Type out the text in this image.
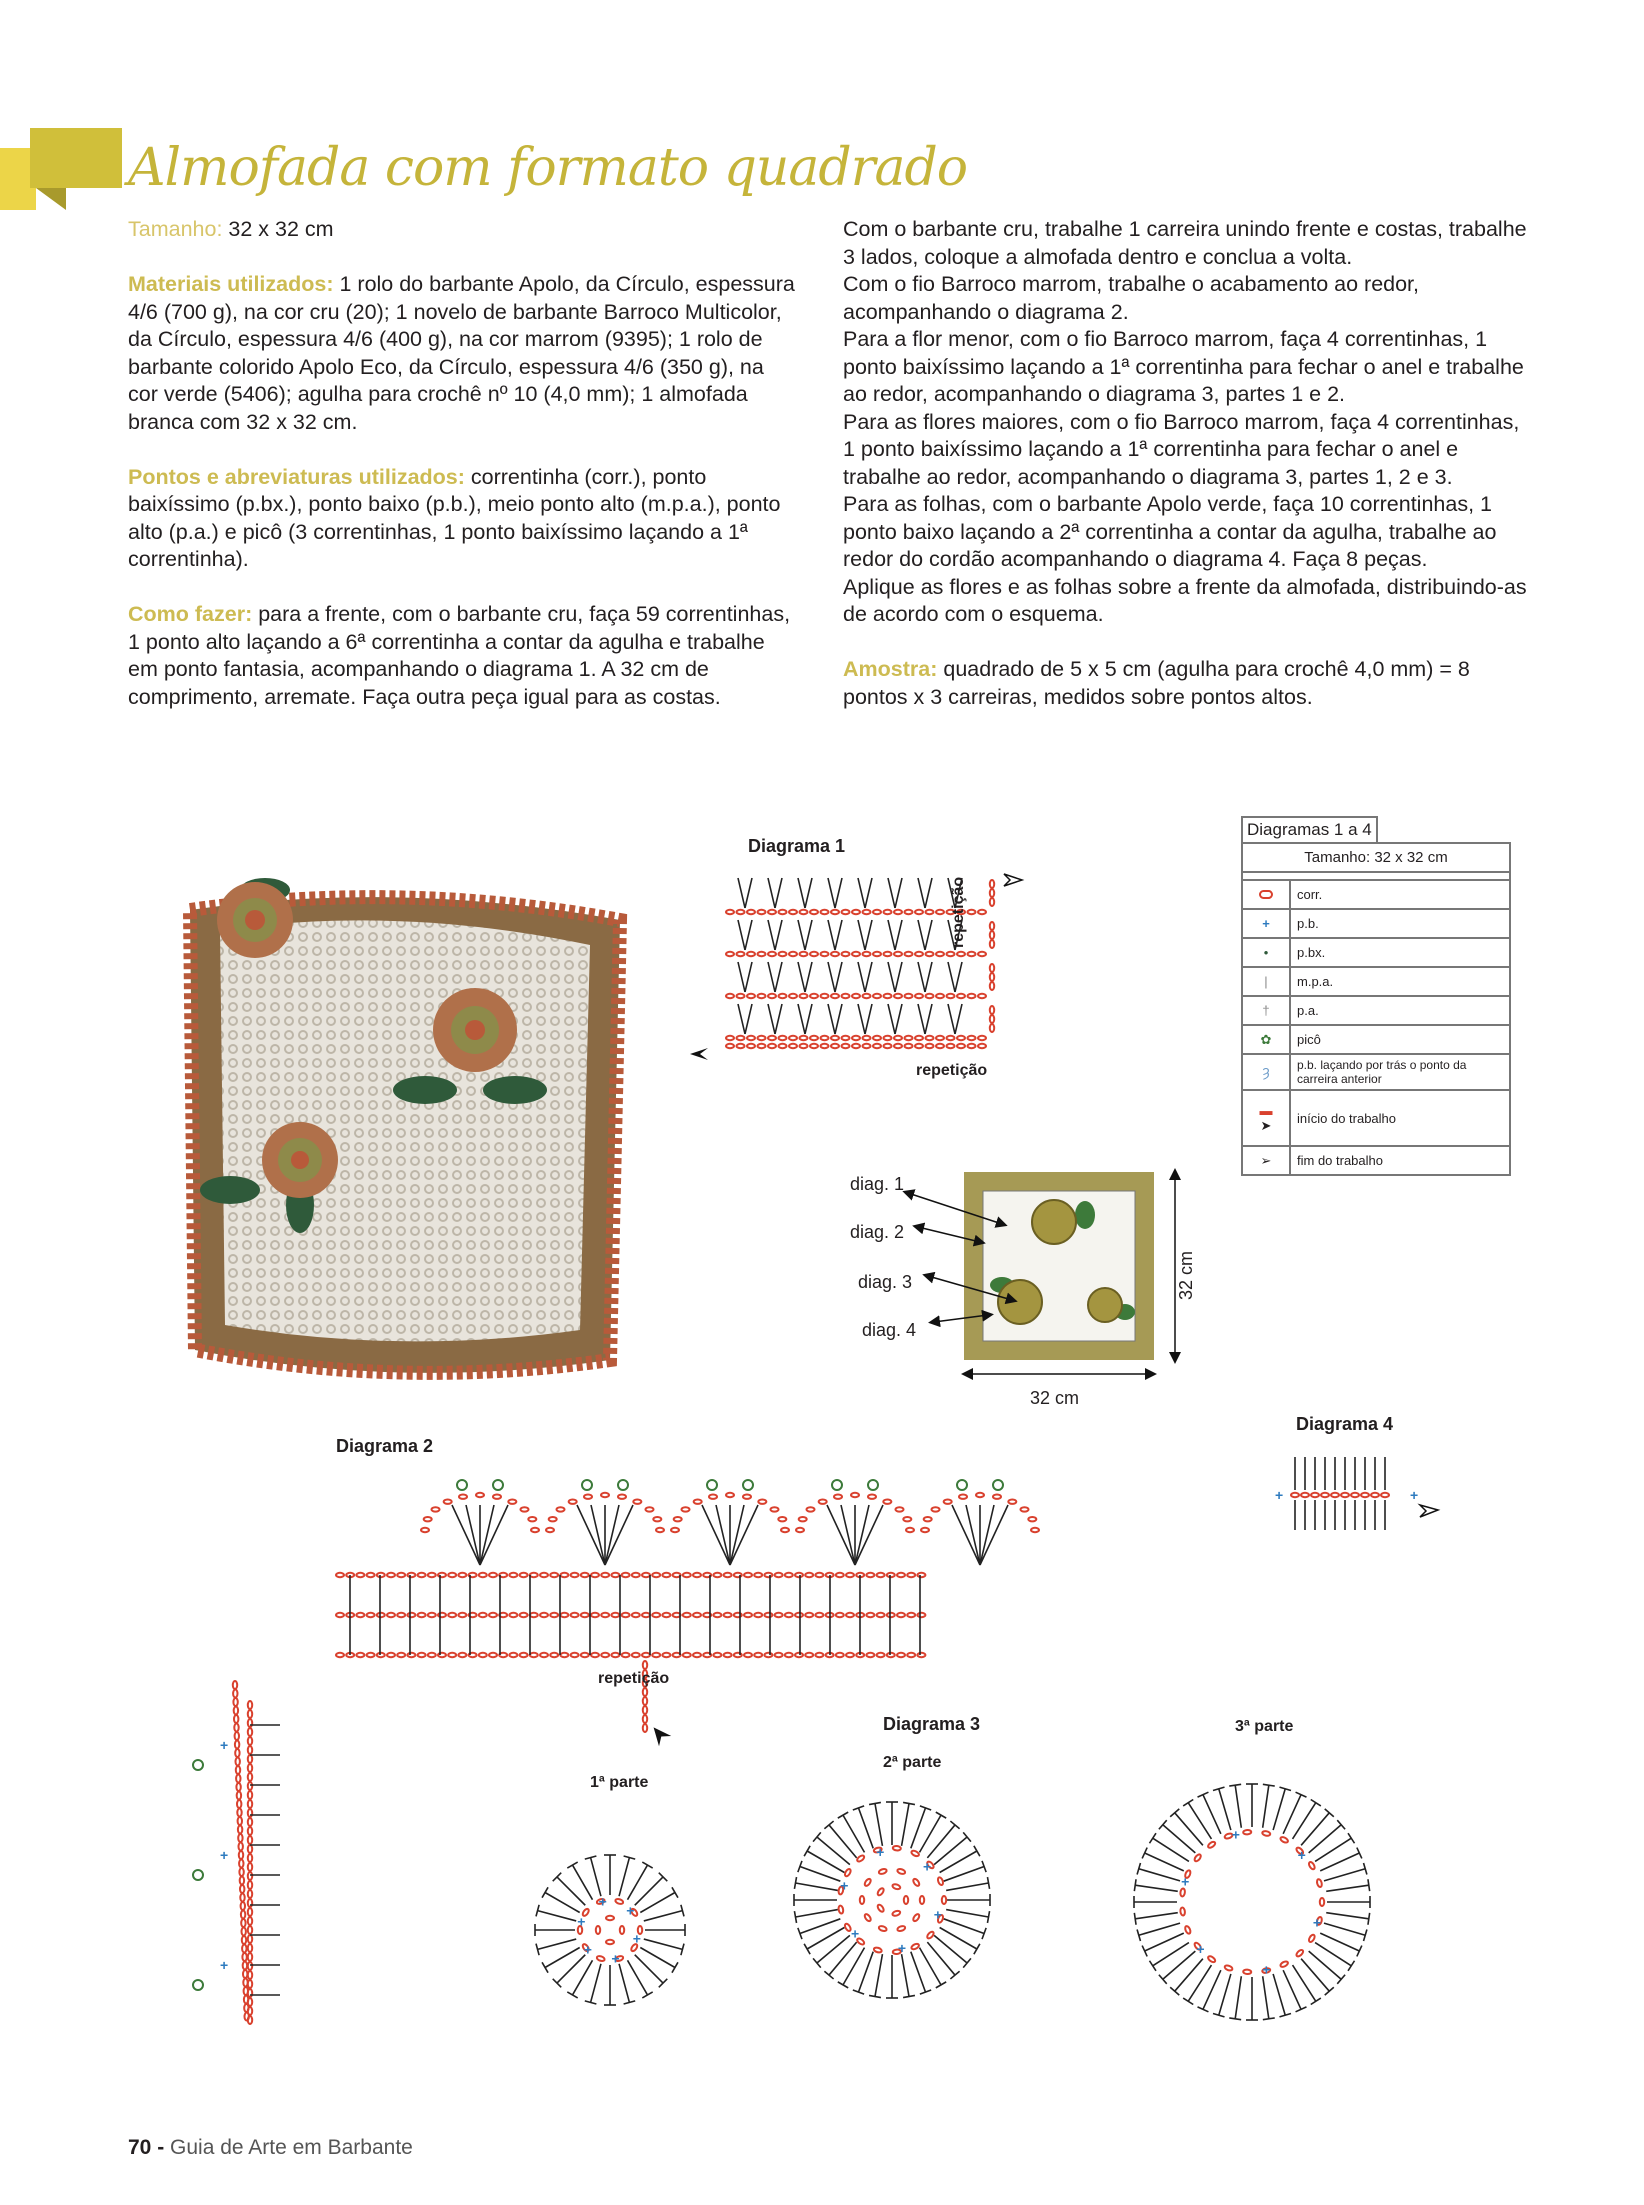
Almofada com formato quadrado

Tamanho: 32 x 32 cm

Materiais utilizados: 1 rolo do barbante Apolo, da Círculo, espessura 4/6 (700 g), na cor cru (20); 1 novelo de barbante Barroco Multicolor, da Círculo, espessura 4/6 (400 g), na cor marrom (9395); 1 rolo de barbante colorido Apolo Eco, da Círculo, espessura 4/6 (350 g), na cor verde (5406); agulha para crochê nº 10 (4,0 mm); 1 almofada branca com 32 x 32 cm.

Pontos e abreviaturas utilizados: correntinha (corr.), ponto baixíssimo (p.bx.), ponto baixo (p.b.), meio ponto alto (m.p.a.), ponto alto (p.a.) e picô (3 correntinhas, 1 ponto baixíssimo laçando a 1ª correntinha).

Como fazer: para a frente, com o barbante cru, faça 59 correntinhas, 1 ponto alto laçando a 6ª correntinha a contar da agulha e trabalhe em ponto fantasia, acompanhando o diagrama 1. A 32 cm de comprimento, arremate. Faça outra peça igual para as costas.

Com o barbante cru, trabalhe 1 carreira unindo frente e costas, trabalhe 3 lados, coloque a almofada dentro e conclua a volta.

Com o fio Barroco marrom, trabalhe o acabamento ao redor, acompanhando o diagrama 2.

Para a flor menor, com o fio Barroco marrom, faça 4 correntinhas, 1 ponto baixíssimo laçando a 1ª correntinha para fechar o anel e trabalhe ao redor, acompanhando o diagrama 3, partes 1 e 2.

Para as flores maiores, com o fio Barroco marrom, faça 4 correntinhas, 1 ponto baixíssimo laçando a 1ª correntinha para fechar o anel e trabalhe ao redor, acompanhando o diagrama 3, partes 1, 2 e 3.

Para as folhas, com o barbante Apolo verde, faça 10 correntinhas, 1 ponto baixo laçando a 2ª correntinha a contar da agulha, trabalhe ao redor do cordão acompanhando o diagrama 4. Faça 8 peças.

Aplique as flores e as folhas sobre a frente da almofada, distribuindo-as de acordo com o esquema.

Amostra: quadrado de 5 x 5 cm (agulha para crochê 4,0 mm) = 8 pontos x 3 carreiras, medidos sobre pontos altos.

Diagrama 1
repetição
repetição
Diagramas 1 a 4
Tamanho: 32 x 32 cm	

	corr.
+	p.b.
•	p.bx.
|	m.p.a.
†	p.a.
✿	picô
Ȝ	p.b. laçando por trás o ponto da carreira anterior

▬
➤	início do trabalho
➢	fim do trabalho
diag. 1
diag. 2
diag. 3
diag. 4
32 cm
32 cm
Diagrama 2
+
+
+
repetição
Diagrama 4
+	+
Diagrama 3
1ª parte
2ª parte
3ª parte
+
+
+
+
+
+	+
+
+
+
+
+
+
+
+
+
+
+
70 - Guia de Arte em Barbante
